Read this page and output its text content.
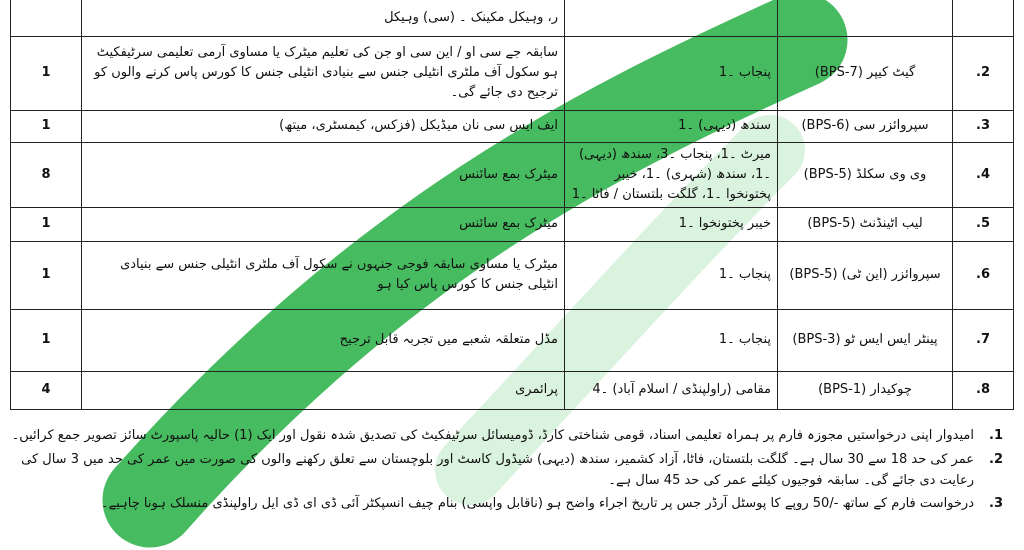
			ر، وہیکل مکینک ۔ (سی) وہیکل	
2.	گیٹ کیپر (BPS-7)	پنجاب ۔1	سابقہ جے سی او / این سی او جن کی تعلیم میٹرک یا مساوی آرمی تعلیمی سرٹیفکیٹ ہو سکول آف ملٹری انٹیلی جنس سے بنیادی انٹیلی جنس کا کورس پاس کرنے والوں کو ترجیح دی جائے گی۔	1
3.	سپروائزر سی (BPS-6)	سندھ (دیہی) ۔1	ایف ایس سی نان میڈیکل (فزکس، کیمسٹری، میتھ)	1
4.	وی وی سکلڈ (BPS-5)	میرٹ ۔1، پنجاب ۔3، سندھ (دیہی) ۔1، سندھ (شہری) ۔1، خیبر پختونخوا ۔1، گلگت بلتستان / فاٹا ۔1	میٹرک بمع سائنس	8
5.	لیب اٹینڈنٹ (BPS-5)	خیبر پختونخوا ۔1	میٹرک بمع سائنس	1
6.	سپروائزر (این ٹی) (BPS-5)	پنجاب ۔1	میٹرک یا مساوی سابقہ فوجی جنہوں نے سکول آف ملٹری انٹیلی جنس سے بنیادی انٹیلی جنس کا کورس پاس کیا ہو	1
7.	پینٹر ایس ایس ٹو (BPS-3)	پنجاب ۔1	مڈل متعلقہ شعبے میں تجربہ قابل ترجیح	1
8.	چوکیدار (BPS-1)	مقامی (راولپنڈی / اسلام آباد) ۔4	پرائمری	4
1.
امیدوار اپنی درخواستیں مجوزہ فارم پر ہمراہ تعلیمی اسناد، قومی شناختی کارڈ، ڈومیسائل سرٹیفکیٹ کی تصدیق شدہ نقول اور ایک (1) حالیہ پاسپورٹ سائز تصویر جمع کرائیں۔
2.
عمر کی حد 18 سے 30 سال ہے۔ گلگت بلتستان، فاٹا، آزاد کشمیر، سندھ (دیہی) شیڈول کاسٹ اور بلوچستان سے تعلق رکھنے والوں کی صورت میں عمر کی حد میں 3 سال کی رعایت دی جائے گی۔ سابقہ فوجیوں کیلئے عمر کی حد 45 سال ہے۔
3.
درخواست فارم کے ساتھ -/50 روپے کا پوسٹل آرڈر جس پر تاریخ اجراء واضح ہو (ناقابل واپسی) بنام چیف انسپکٹر آئی ڈی ای ڈی ایل راولپنڈی منسلک ہونا چاہیے۔
